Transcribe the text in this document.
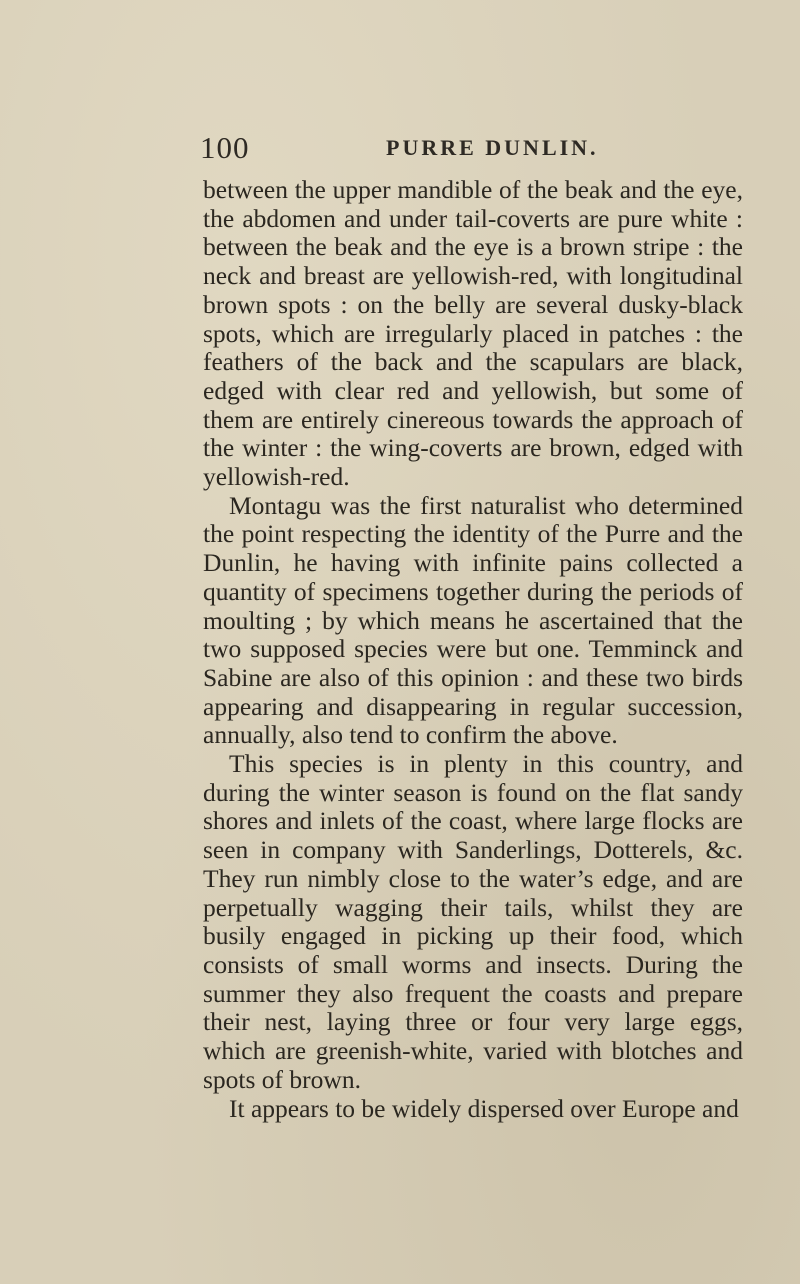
100	PURRE DUNLIN.

between the upper mandible of the beak and the eye, the abdomen and under tail-coverts are pure white : between the beak and the eye is a brown stripe : the neck and breast are yellowish-red, with longitudinal brown spots : on the belly are several dusky-black spots, which are irregularly placed in patches : the feathers of the back and the scapulars are black, edged with clear red and yellowish, but some of them are entirely cinereous towards the approach of the winter : the wing-coverts are brown, edged with yellowish-red.

Montagu was the first naturalist who determined the point respecting the identity of the Purre and the Dunlin, he having with infinite pains collected a quantity of specimens together during the periods of moulting ; by which means he ascertained that the two supposed species were but one. Temminck and Sabine are also of this opinion : and these two birds appearing and disappearing in regular succession, annually, also tend to confirm the above.

This species is in plenty in this country, and during the winter season is found on the flat sandy shores and inlets of the coast, where large flocks are seen in company with Sanderlings, Dotterels, &c. They run nimbly close to the water’s edge, and are perpetually wagging their tails, whilst they are busily engaged in picking up their food, which consists of small worms and insects. During the summer they also frequent the coasts and prepare their nest, laying three or four very large eggs, which are greenish-white, varied with blotches and spots of brown.

It appears to be widely dispersed over Europe and
